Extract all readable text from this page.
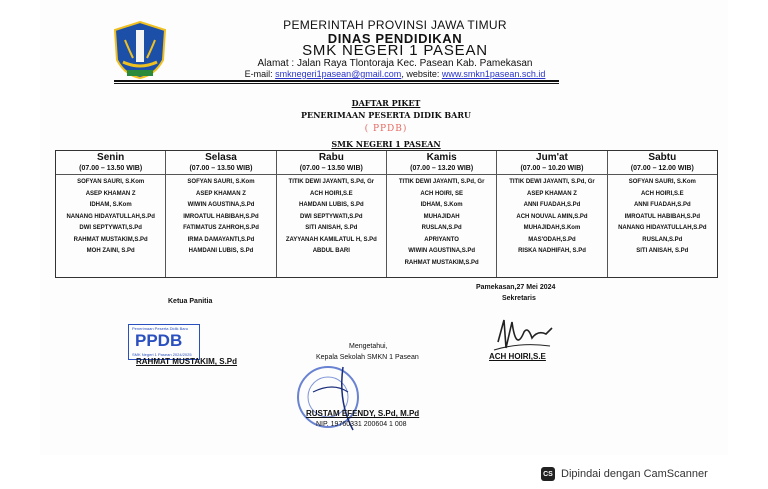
PEMERINTAH PROVINSI JAWA TIMUR
DINAS PENDIDIKAN
SMK NEGERI 1 PASEAN
Alamat : Jalan Raya Tlontoraja Kec. Pasean Kab. Pamekasan
E-mail: smknegeri1pasean@gmail.com, website: www.smkn1pasean.sch.id
DAFTAR PIKET
PENERIMAAN PESERTA DIDIK BARU
( PPDB)
SMK NEGERI 1 PASEAN
Senin
(07.00 – 13.50 WIB)
SOFYAN SAURI, S.Kom
ASEP KHAMAN Z
IDHAM, S.Kom
NANANG HIDAYATULLAH,S.Pd
DWI SEPTYWATI,S.Pd
RAHMAT MUSTAKIM,S.Pd
MOH ZAINI, S.Pd
Selasa
(07.00 – 13.50 WIB)
SOFYAN SAURI, S.Kom
ASEP KHAMAN Z
WIWIN AGUSTINA,S.Pd
IMROATUL HABIBAH,S.Pd
FATIMATUS ZAHROH,S.Pd
IRMA DAMAYANTI,S.Pd
HAMDANI LUBIS, S.Pd
Rabu
(07.00 – 13.50 WIB)
TITIK DEWI JAYANTI, S.Pd, Gr
ACH HOIRI,S.E
HAMDANI LUBIS, S.Pd
DWI SEPTYWATI,S.Pd
SITI ANISAH, S.Pd
ZAYYANAH KAMILATUL H, S.Pd
ABDUL BARI
Kamis
(07.00 – 13.20 WIB)
TITIK DEWI JAYANTI, S.Pd, Gr
ACH HOIRI, SE
IDHAM, S.Kom
MUHAJIDAH
RUSLAN,S.Pd
APRIYANTO
WIWIN AGUSTINA,S.Pd
RAHMAT MUSTAKIM,S.Pd
Jum'at
(07.00 – 10.20 WIB)
TITIK DEWI JAYANTI, S.Pd, Gr
ASEP KHAMAN Z
ANNI FUADAH,S.Pd
ACH NOUVAL AMIN,S.Pd
MUHAJIDAH,S.Kom
MAS'ODAH,S.Pd
RISKA NADHIFAH, S.Pd
Sabtu
(07.00 – 12.00 WIB)
SOFYAN SAURI, S.Kom
ACH HOIRI,S.E
ANNI FUADAH,S.Pd
IMROATUL HABIBAH,S.Pd
NANANG HIDAYATULLAH,S.Pd
RUSLAN,S.Pd
SITI ANISAH, S.Pd
Pamekasan,27 Mei 2024
Sekretaris
ACH HOIRI,S.E
Ketua Panitia
Penerimaan Peserta Didik Baru
PPDB
SMK Negeri 1 Pasean 2024/2025
RAHMAT MUSTAKIM, S.Pd
Mengetahui,
Kepala Sekolah SMKN 1 Pasean
RUSTAM EFENDY, S.Pd, M.Pd
NIP. 19760331 200604 1 008
CS Dipindai dengan CamScanner
